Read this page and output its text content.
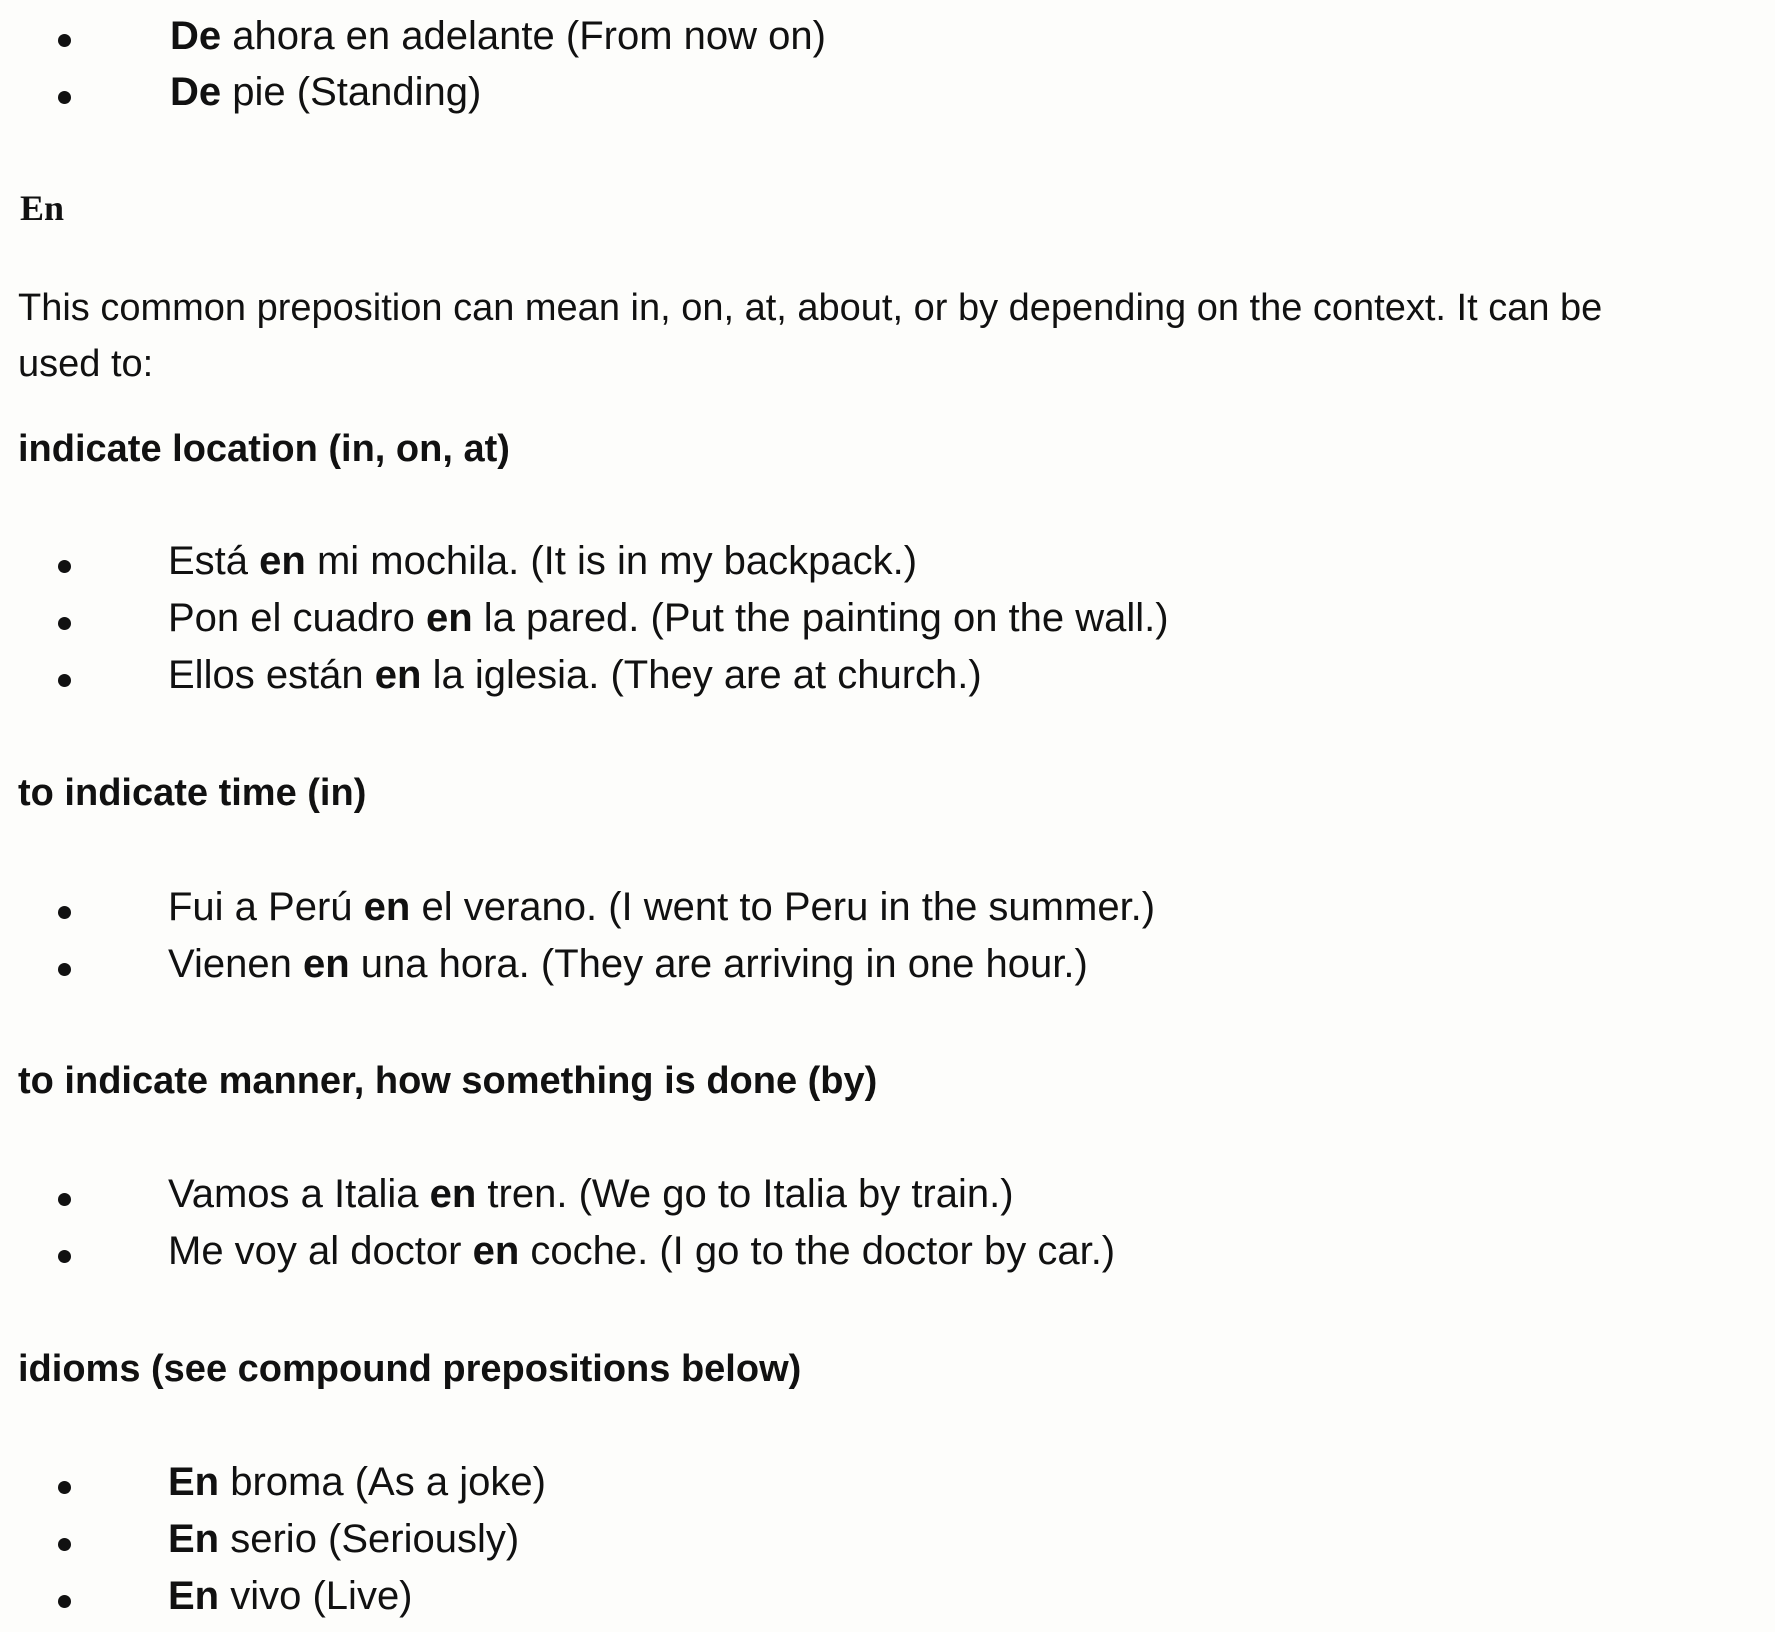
De ahora en adelante (From now on)
De pie (Standing)
En
This common preposition can mean in, on, at, about, or by depending on the context. It can be
used to:
indicate location (in, on, at)
Está en mi mochila. (It is in my backpack.)
Pon el cuadro en la pared. (Put the painting on the wall.)
Ellos están en la iglesia. (They are at church.)
to indicate time (in)
Fui a Perú en el verano. (I went to Peru in the summer.)
Vienen en una hora. (They are arriving in one hour.)
to indicate manner, how something is done (by)
Vamos a Italia en tren. (We go to Italia by train.)
Me voy al doctor en coche. (I go to the doctor by car.)
idioms (see compound prepositions below)
En broma (As a joke)
En serio (Seriously)
En vivo (Live)
